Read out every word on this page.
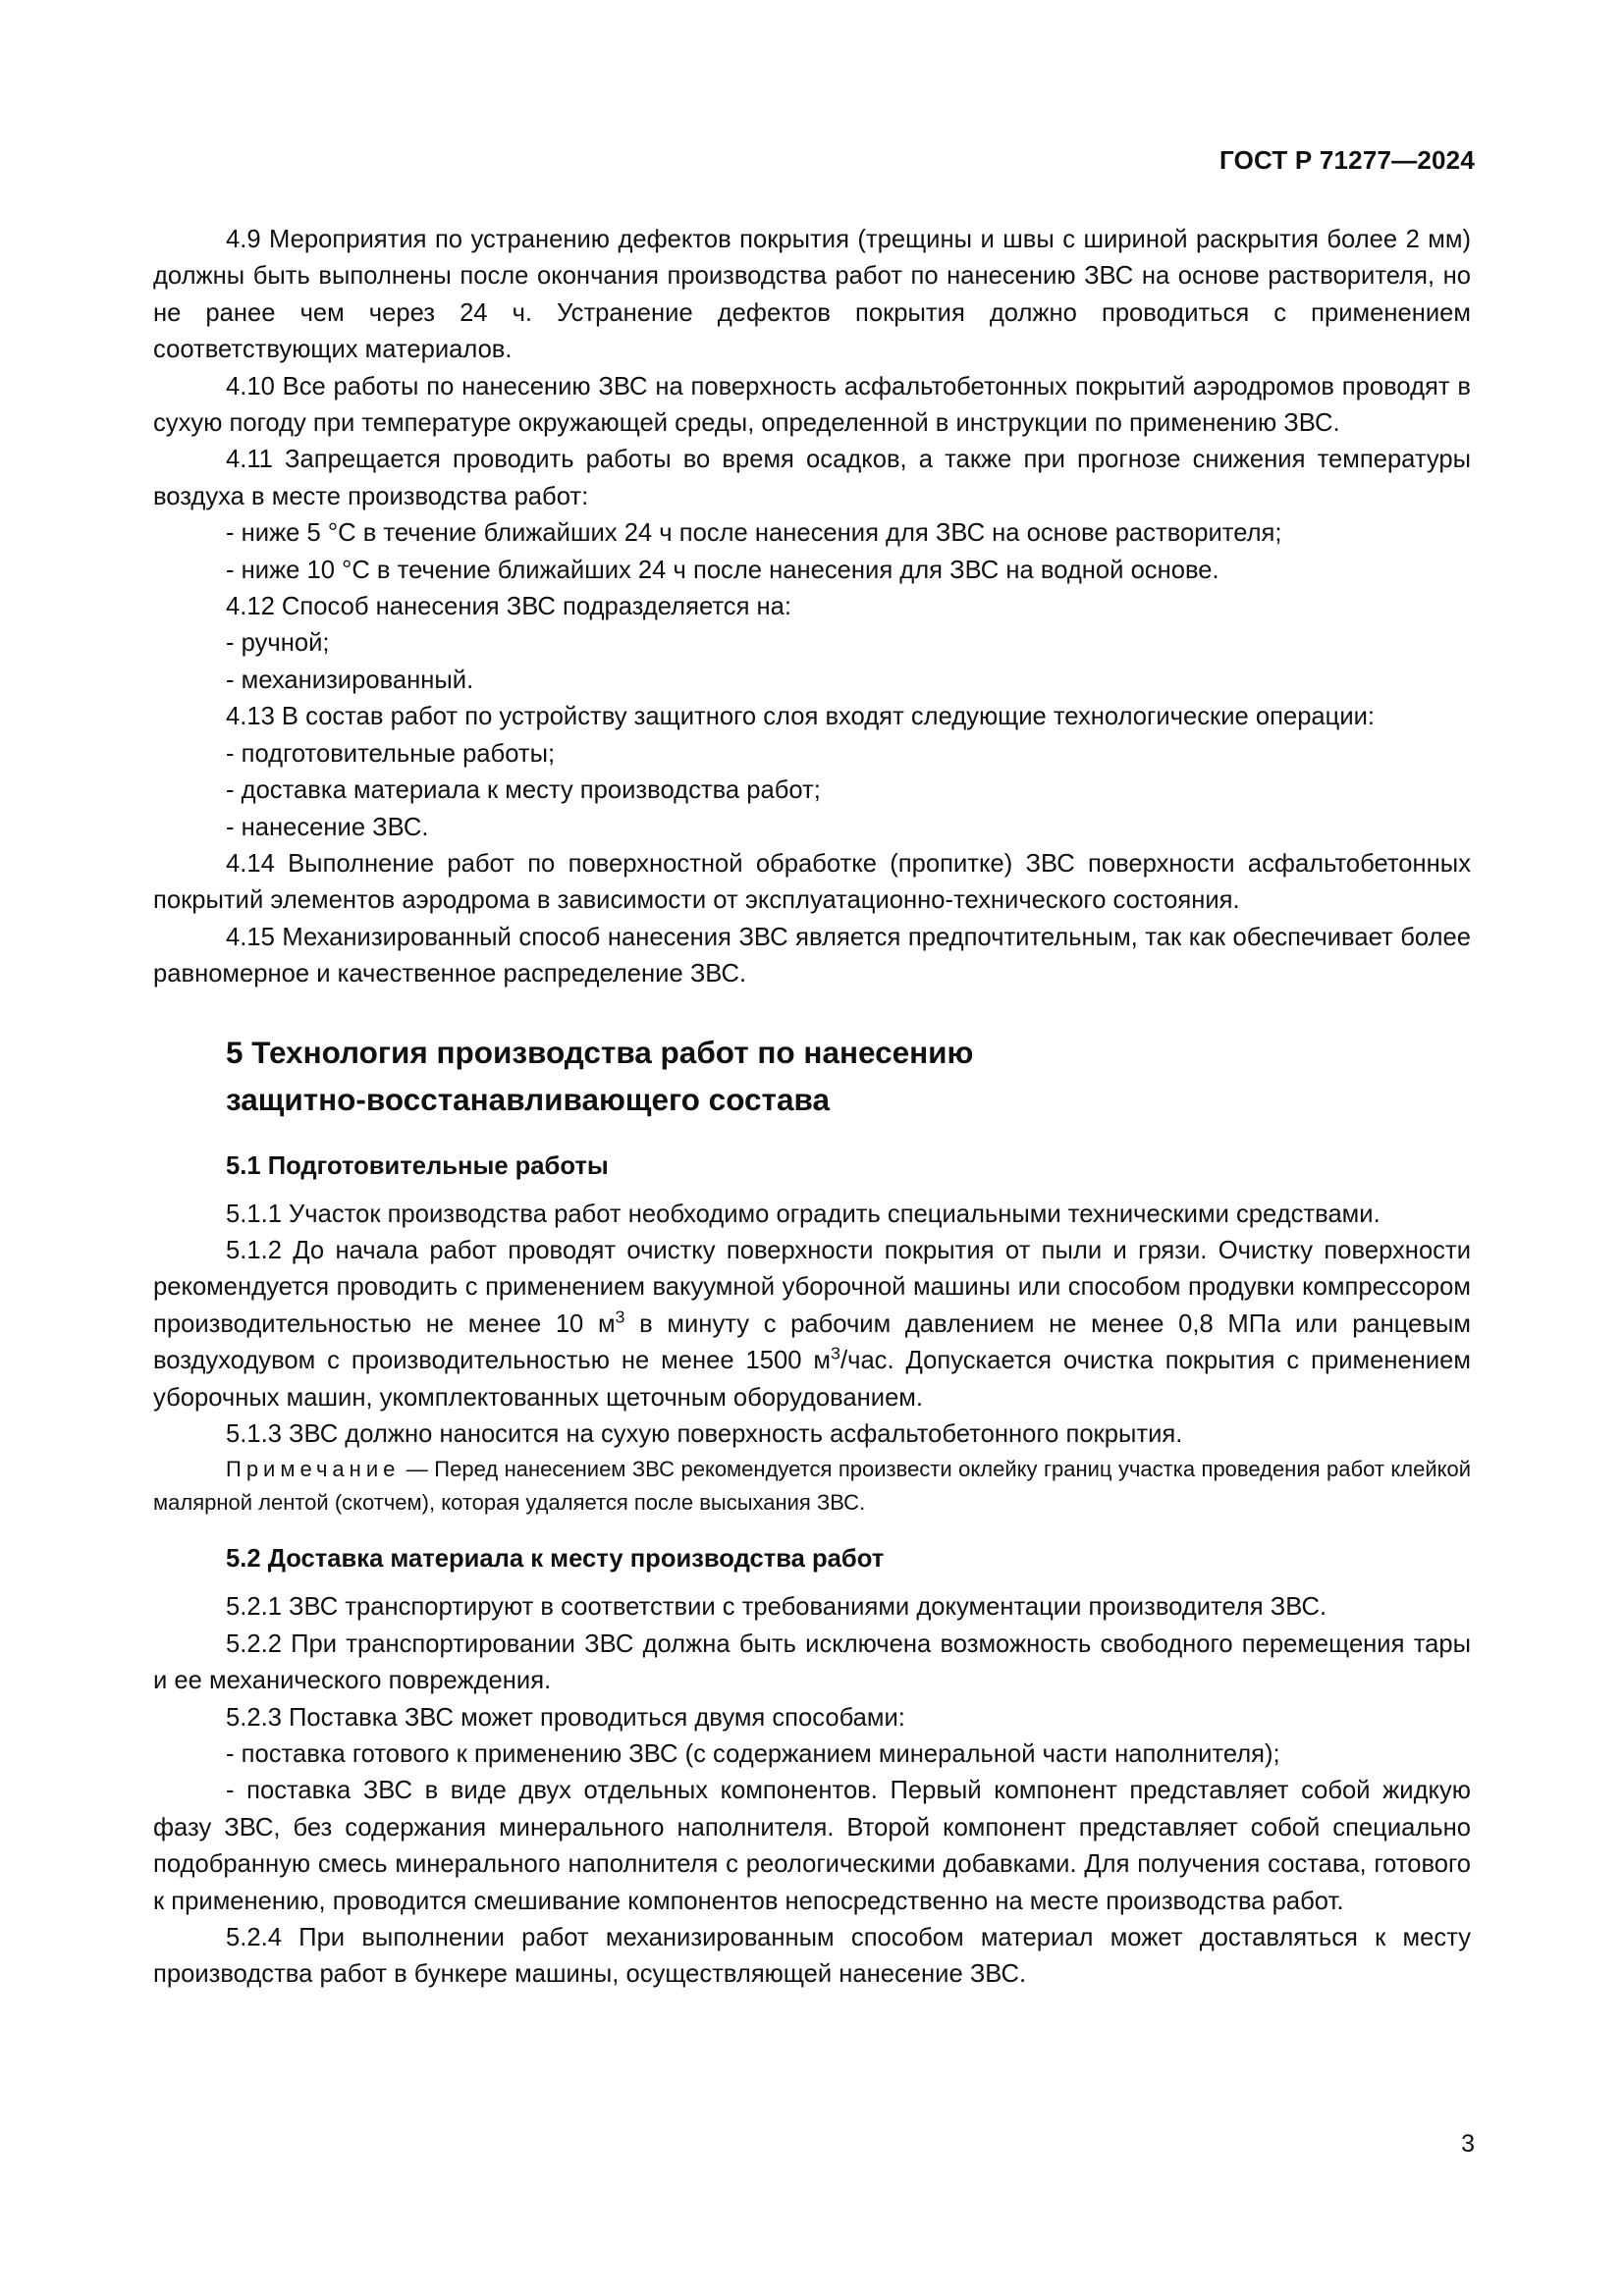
ГОСТ Р 71277—2024

4.9 Мероприятия по устранению дефектов покрытия (трещины и швы с шириной раскрытия более 2 мм) должны быть выполнены после окончания производства работ по нанесению ЗВС на основе растворителя, но не ранее чем через 24 ч. Устранение дефектов покрытия должно проводиться с применением соответствующих материалов.

4.10 Все работы по нанесению ЗВС на поверхность асфальтобетонных покрытий аэродромов проводят в сухую погоду при температуре окружающей среды, определенной в инструкции по применению ЗВС.

4.11 Запрещается проводить работы во время осадков, а также при прогнозе снижения температуры воздуха в месте производства работ:

- ниже 5 °С в течение ближайших 24 ч после нанесения для ЗВС на основе растворителя;

- ниже 10 °С в течение ближайших 24 ч после нанесения для ЗВС на водной основе.

4.12 Способ нанесения ЗВС подразделяется на:

- ручной;

- механизированный.

4.13 В состав работ по устройству защитного слоя входят следующие технологические операции:

- подготовительные работы;

- доставка материала к месту производства работ;

- нанесение ЗВС.

4.14 Выполнение работ по поверхностной обработке (пропитке) ЗВС поверхности асфальтобетонных покрытий элементов аэродрома в зависимости от эксплуатационно-технического состояния.

4.15 Механизированный способ нанесения ЗВС является предпочтительным, так как обеспечивает более равномерное и качественное распределение ЗВС.

5 Технология производства работ по нанесению
защитно-восстанавливающего состава
5.1 Подготовительные работы

5.1.1 Участок производства работ необходимо оградить специальными техническими средствами.

5.1.2 До начала работ проводят очистку поверхности покрытия от пыли и грязи. Очистку поверхности рекомендуется проводить с применением вакуумной уборочной машины или способом продувки компрессором производительностью не менее 10 $м^3$ в минуту с рабочим давлением не менее 0,8 МПа или ранцевым воздуходувом с производительностью не менее 1500 $м^3$/час. Допускается очистка покрытия с применением уборочных машин, укомплектованных щеточным оборудованием.

5.1.3 ЗВС должно наносится на сухую поверхность асфальтобетонного покрытия.

Примечание — Перед нанесением ЗВС рекомендуется произвести оклейку границ участка проведения работ клейкой малярной лентой (скотчем), которая удаляется после высыхания ЗВС.

5.2 Доставка материала к месту производства работ

5.2.1 ЗВС транспортируют в соответствии с требованиями документации производителя ЗВС.

5.2.2 При транспортировании ЗВС должна быть исключена возможность свободного перемещения тары и ее механического повреждения.

5.2.3 Поставка ЗВС может проводиться двумя способами:

- поставка готового к применению ЗВС (с содержанием минеральной части наполнителя);

- поставка ЗВС в виде двух отдельных компонентов. Первый компонент представляет собой жидкую фазу ЗВС, без содержания минерального наполнителя. Второй компонент представляет собой специально подобранную смесь минерального наполнителя с реологическими добавками. Для получения состава, готового к применению, проводится смешивание компонентов непосредственно на месте производства работ.

5.2.4 При выполнении работ механизированным способом материал может доставляться к месту производства работ в бункере машины, осуществляющей нанесение ЗВС.

3
